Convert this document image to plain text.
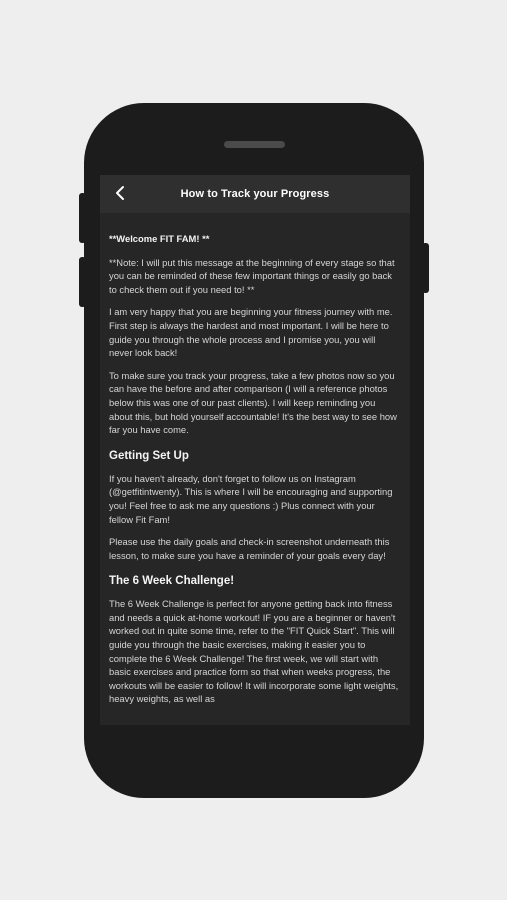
How to Track your Progress

**Welcome FIT FAM! **

**Note: I will put this message at the beginning of every stage so that you can be reminded of these few important things or easily go back to check them out if you need to! **

I am very happy that you are beginning your fitness journey with me. First step is always the hardest and most important. I will be here to guide you through the whole process and I promise you, you will never look back!

To make sure you track your progress, take a few photos now so you can have the before and after comparison (I will a reference photos below this was one of our past clients). I will keep reminding you about this, but hold yourself accountable! It's the best way to see how far you have come.

Getting Set Up

If you haven't already, don't forget to follow us on Instagram (@getfitintwenty). This is where I will be encouraging and supporting you! Feel free to ask me any questions :) Plus connect with your fellow Fit Fam!

Please use the daily goals and check-in screenshot underneath this lesson, to make sure you have a reminder of your goals every day!

The 6 Week Challenge!

The 6 Week Challenge is perfect for anyone getting back into fitness and needs a quick at-home workout! IF you are a beginner or haven't worked out in quite some time, refer to the "FIT Quick Start". This will guide you through the basic exercises, making it easier you to complete the 6 Week Challenge! The first week, we will start with basic exercises and practice form so that when weeks progress, the workouts will be easier to follow! It will incorporate some light weights, heavy weights, as well as
